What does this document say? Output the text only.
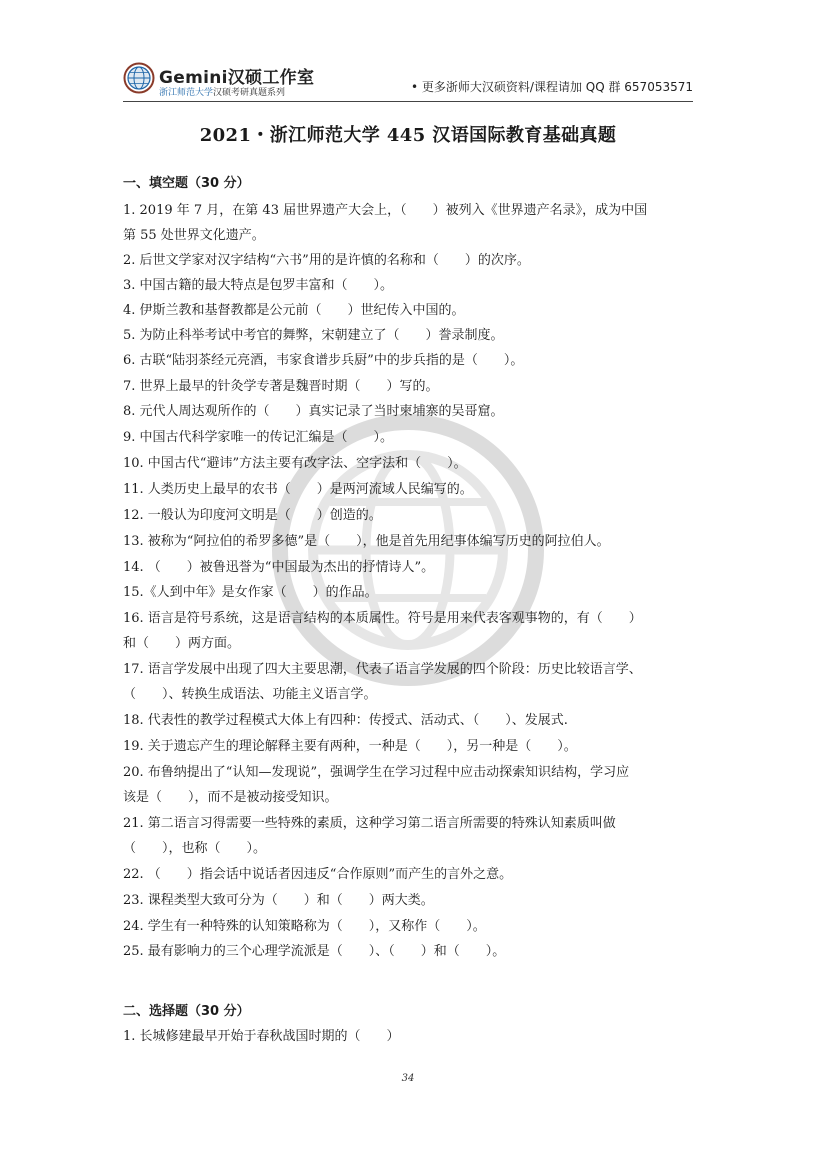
Gemini汉硕工作室
浙江师范大学汉硕考研真题系列	• 更多浙师大汉硕资料/课程请加 QQ 群 657053571
2021・浙江师范大学 445 汉语国际教育基础真题
一、填空题（30 分）
1. 2019 年 7 月，在第 43 届世界遗产大会上，（　　）被列入《世界遗产名录》，成为中国
第 55 处世界文化遗产。
2. 后世文学家对汉字结构“六书”用的是许慎的名称和（　　）的次序。
3. 中国古籍的最大特点是包罗丰富和（　　）。
4. 伊斯兰教和基督教都是公元前（　　）世纪传入中国的。
5. 为防止科举考试中考官的舞弊，宋朝建立了（　　）誊录制度。
6. 古联“陆羽茶经元亮酒，韦家食谱步兵厨”中的步兵指的是（　　）。
7. 世界上最早的针灸学专著是魏晋时期（　　）写的。
8. 元代人周达观所作的（　　）真实记录了当时柬埔寨的吴哥窟。
9. 中国古代科学家唯一的传记汇编是（　　）。
10. 中国古代“避讳”方法主要有改字法、空字法和（　　）。
11. 人类历史上最早的农书（　　）是两河流域人民编写的。
12. 一般认为印度河文明是（　　）创造的。
13. 被称为“阿拉伯的希罗多德”是（　　），他是首先用纪事体编写历史的阿拉伯人。
14. （　　）被鲁迅誉为“中国最为杰出的抒情诗人”。
15.《人到中年》是女作家（　　）的作品。
16. 语言是符号系统，这是语言结构的本质属性。符号是用来代表客观事物的，有（　　）
和（　　）两方面。
17. 语言学发展中出现了四大主要思潮，代表了语言学发展的四个阶段：历史比较语言学、
（　　）、转换生成语法、功能主义语言学。
18. 代表性的教学过程模式大体上有四种：传授式、活动式、（　　）、发展式.
19. 关于遗忘产生的理论解释主要有两种，一种是（　　），另一种是（　　）。
20. 布鲁纳提出了“认知—发现说”，强调学生在学习过程中应击动探索知识结构，学习应
该是（　　），而不是被动接受知识。
21. 第二语言习得需要一些特殊的素质，这种学习第二语言所需要的特殊认知素质叫做
（　　），也称（　　）。
22. （　　）指会话中说话者因违反“合作原则”而产生的言外之意。
23. 课程类型大致可分为（　　）和（　　）两大类。
24. 学生有一种特殊的认知策略称为（　　），又称作（　　）。
25. 最有影响力的三个心理学流派是（　　）、（　　）和（　　）。
二、选择题（30 分）
1. 长城修建最早开始于春秋战国时期的（　　）
34
